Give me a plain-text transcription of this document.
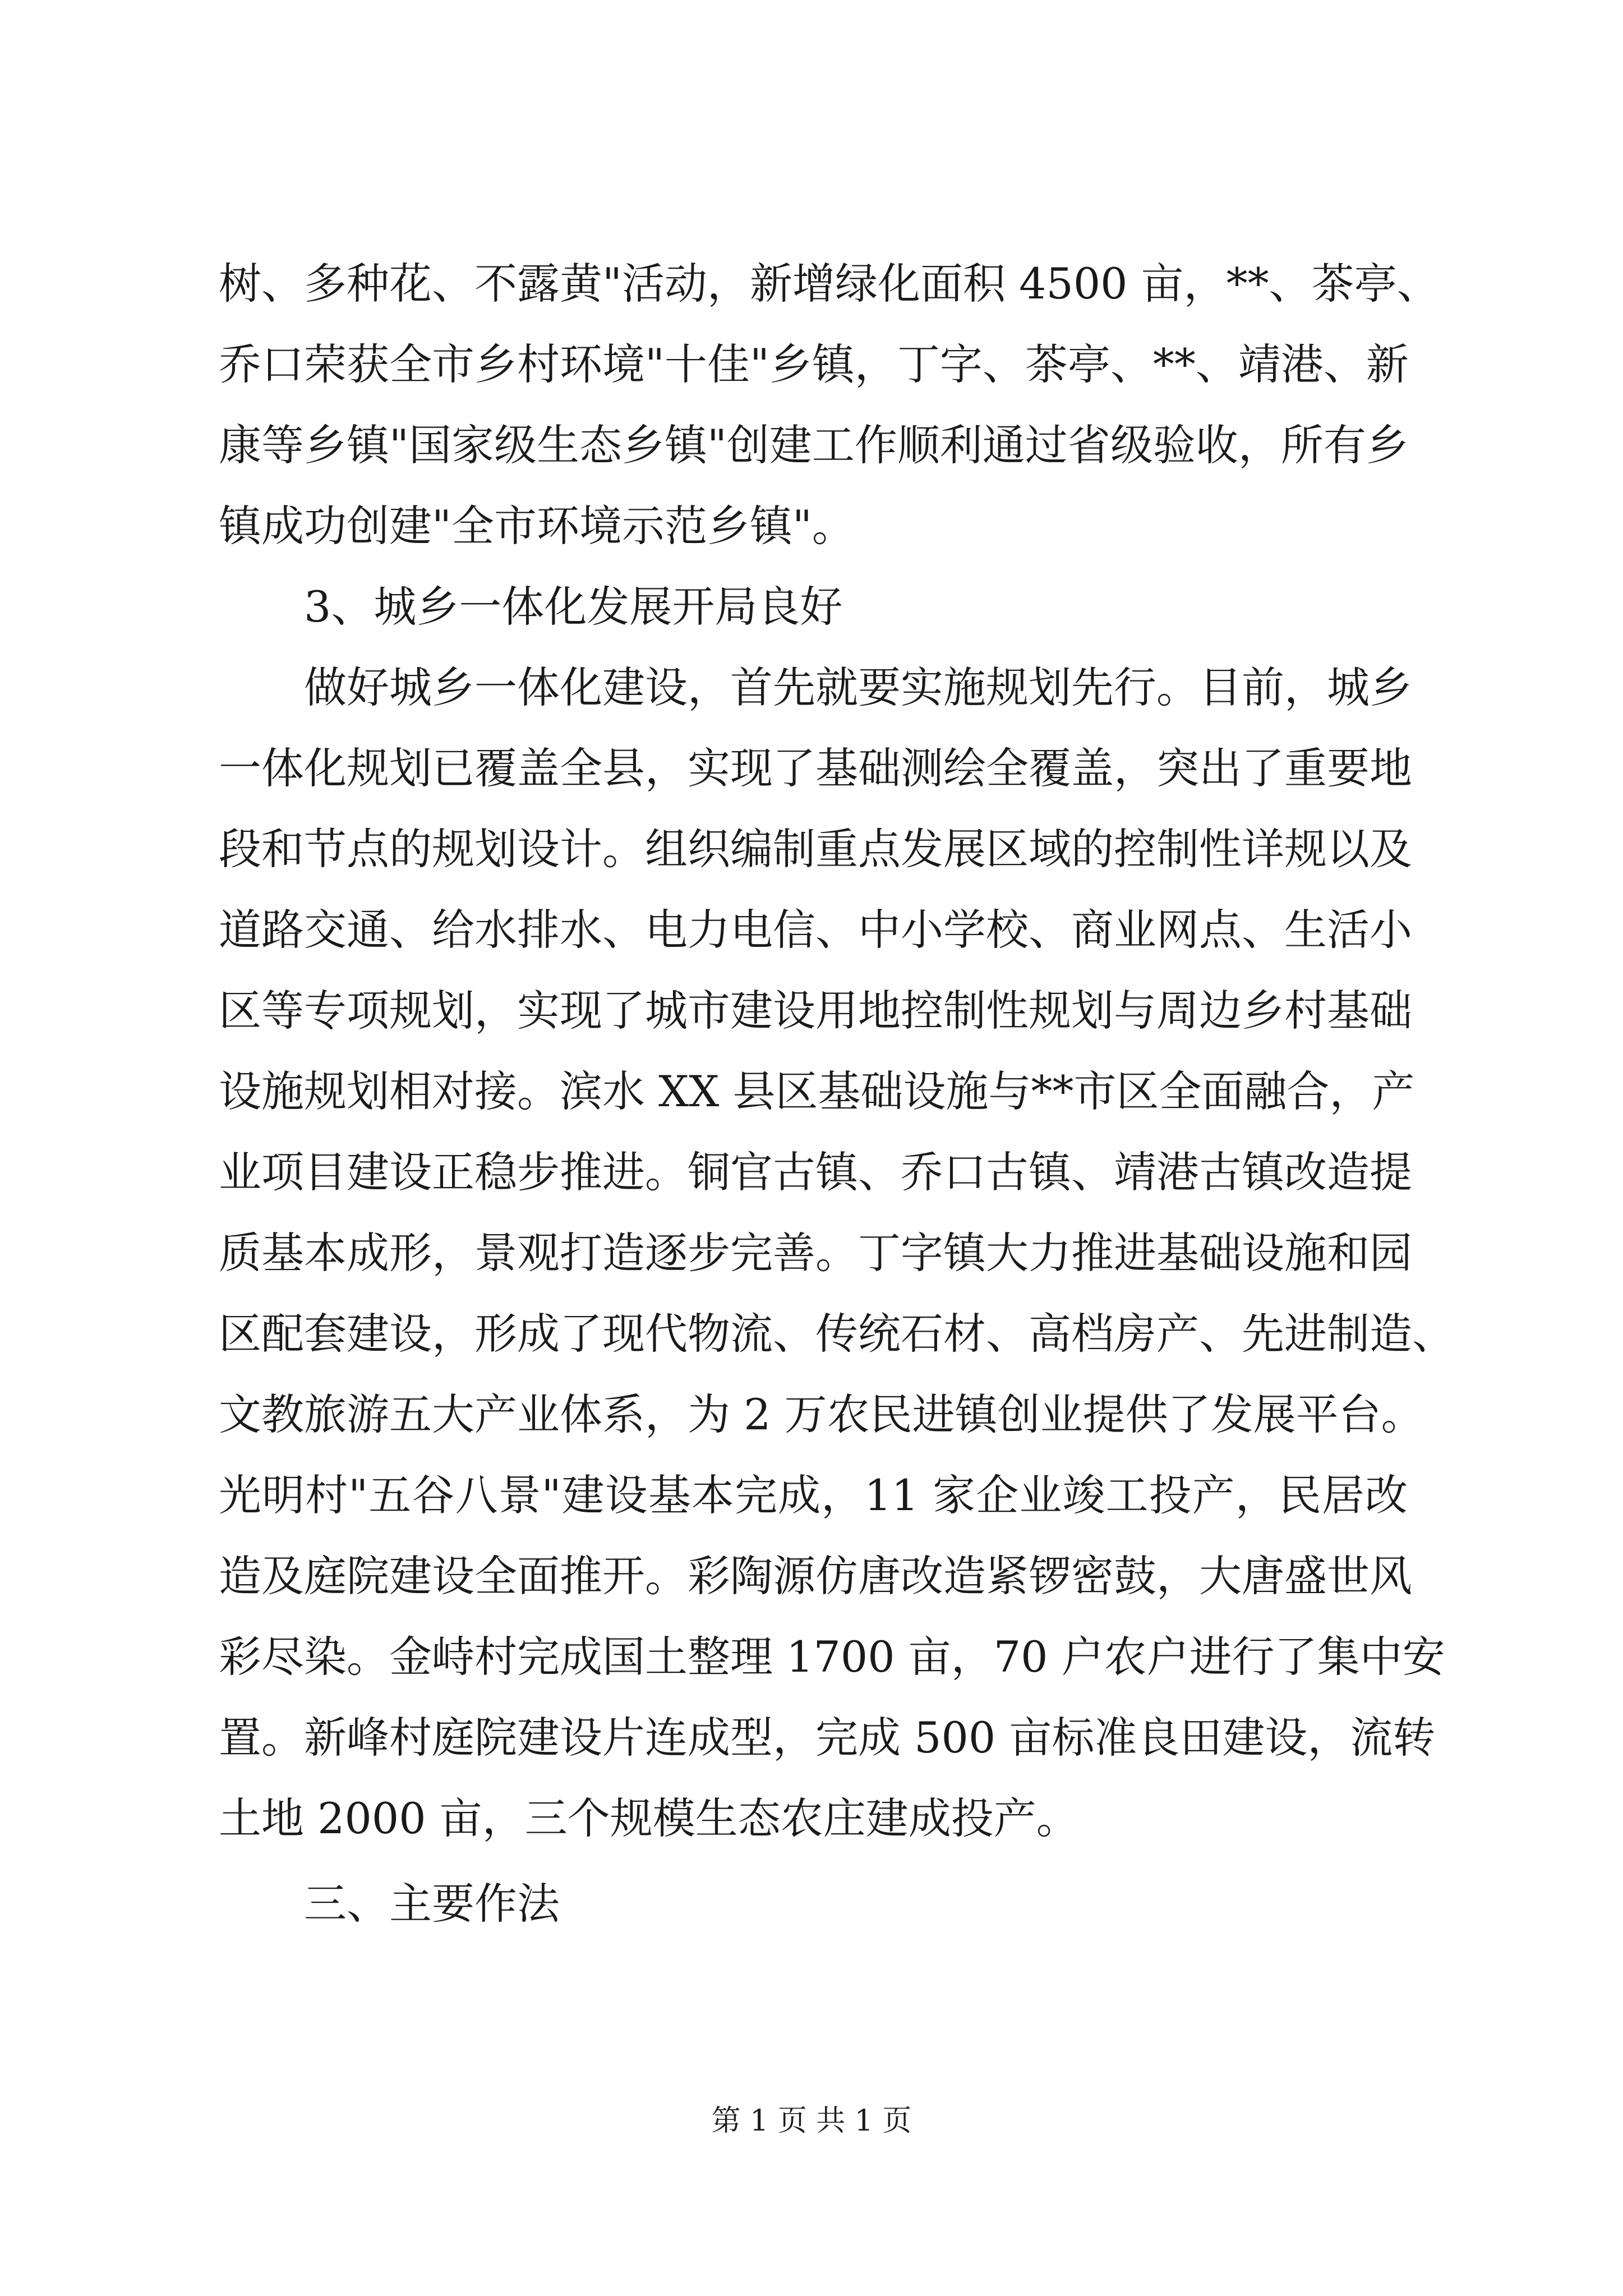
树、多种花、不露黄"活动，新增绿化面积 4500 亩，**、茶亭、
乔口荣获全市乡村环境"十佳"乡镇，丁字、茶亭、**、靖港、新
康等乡镇"国家级生态乡镇"创建工作顺利通过省级验收，所有乡
镇成功创建"全市环境示范乡镇"。
3、城乡一体化发展开局良好
做好城乡一体化建设，首先就要实施规划先行。目前，城乡
一体化规划已覆盖全县，实现了基础测绘全覆盖，突出了重要地
段和节点的规划设计。组织编制重点发展区域的控制性详规以及
道路交通、给水排水、电力电信、中小学校、商业网点、生活小
区等专项规划，实现了城市建设用地控制性规划与周边乡村基础
设施规划相对接。滨水 XX 县区基础设施与**市区全面融合，产
业项目建设正稳步推进。铜官古镇、乔口古镇、靖港古镇改造提
质基本成形，景观打造逐步完善。丁字镇大力推进基础设施和园
区配套建设，形成了现代物流、传统石材、高档房产、先进制造、
文教旅游五大产业体系，为 2 万农民进镇创业提供了发展平台。
光明村"五谷八景"建设基本完成，11 家企业竣工投产，民居改
造及庭院建设全面推开。彩陶源仿唐改造紧锣密鼓，大唐盛世风
彩尽染。金峙村完成国土整理 1700 亩，70 户农户进行了集中安
置。新峰村庭院建设片连成型，完成 500 亩标准良田建设，流转
土地 2000 亩，三个规模生态农庄建成投产。
三、主要作法
第 1 页 共 1 页
